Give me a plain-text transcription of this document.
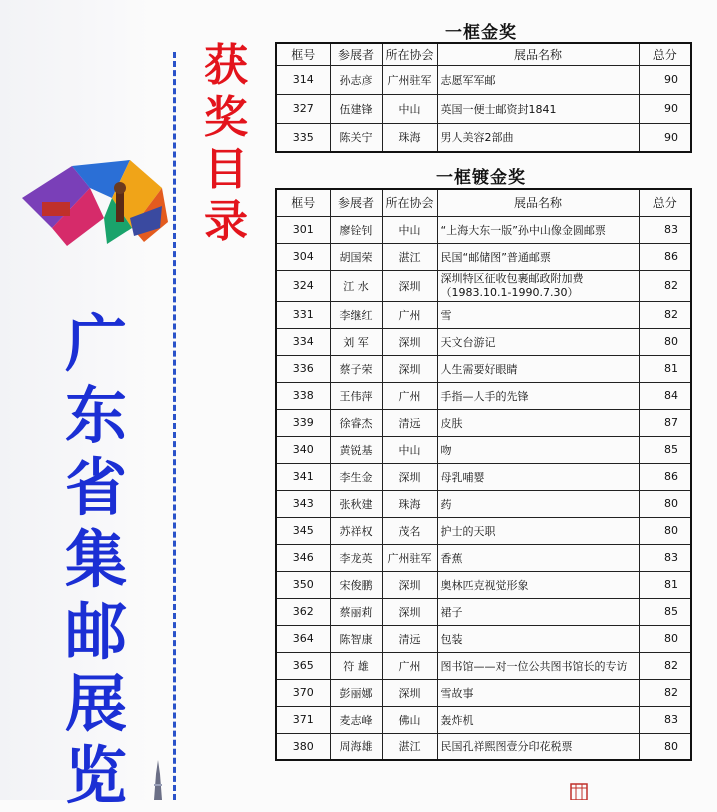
广
东
省
集
邮
展
览
获
奖
目
录
一框金奖
框号	参展者	所在协会	展品名称	总分
314	孙志彦	广州驻军	志愿军军邮	90
327	伍建锋	中山	英国一便士邮资封1841	90
335	陈关宁	珠海	男人美容2部曲	90
一框镀金奖
框号	参展者	所在协会	展品名称	总分
301	廖铨钊	中山	“上海大东一版”孙中山像金圆邮票	83
304	胡国荣	湛江	民国“邮储图”普通邮票	86
324	江 水	深圳	深圳特区征收包裹邮政附加费（1983.10.1-1990.7.30）	82
331	李继红	广州	雪	82
334	刘 军	深圳	天文台游记	80
336	蔡子荣	深圳	人生需要好眼睛	81
338	王伟萍	广州	手指—人手的先锋	84
339	徐睿杰	清远	皮肤	87
340	黄锐基	中山	吻	85
341	李生金	深圳	母乳哺婴	86
343	张秋建	珠海	药	80
345	苏祥权	茂名	护士的天职	80
346	李龙英	广州驻军	香蕉	83
350	宋俊鹏	深圳	奥林匹克视觉形象	81
362	蔡丽莉	深圳	裙子	85
364	陈智康	清远	包装	80
365	符 雄	广州	图书馆——对一位公共图书馆长的专访	82
370	彭丽娜	深圳	雪故事	82
371	麦志峰	佛山	轰炸机	83
380	周海雄	湛江	民国孔祥熙图壹分印花税票	80
